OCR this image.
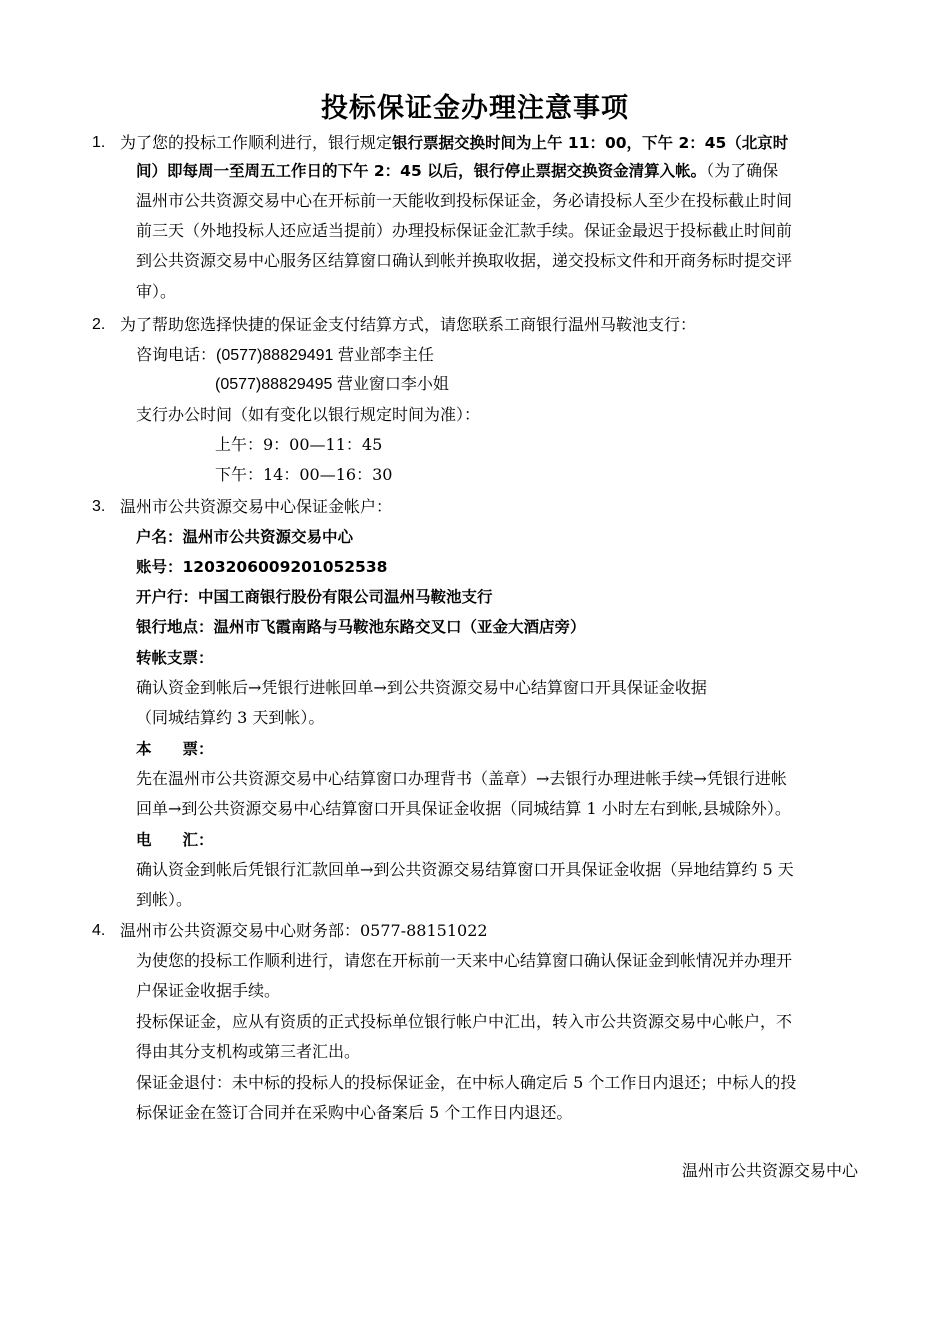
投标保证金办理注意事项
1. 为了您的投标工作顺利进行，银行规定银行票据交换时间为上午 11：00，下午 2：45（北京时
间）即每周一至周五工作日的下午 2：45 以后，银行停止票据交换资金清算入帐。（为了确保
温州市公共资源交易中心在开标前一天能收到投标保证金，务必请投标人至少在投标截止时间
前三天（外地投标人还应适当提前）办理投标保证金汇款手续。保证金最迟于投标截止时间前
到公共资源交易中心服务区结算窗口确认到帐并换取收据，递交投标文件和开商务标时提交评
审）。
2. 为了帮助您选择快捷的保证金支付结算方式，请您联系工商银行温州马鞍池支行：
咨询电话：(0577)88829491 营业部李主任
(0577)88829495 营业窗口李小姐
支行办公时间（如有变化以银行规定时间为准）：
上午：9：00—11：45
下午：14：00—16：30
3. 温州市公共资源交易中心保证金帐户：
户名：温州市公共资源交易中心
账号：1203206009201052538
开户行：中国工商银行股份有限公司温州马鞍池支行
银行地点：温州市飞霞南路与马鞍池东路交叉口（亚金大酒店旁）
转帐支票：
确认资金到帐后→凭银行进帐回单→到公共资源交易中心结算窗口开具保证金收据
（同城结算约 3 天到帐）。
本　　票：
先在温州市公共资源交易中心结算窗口办理背书（盖章）→去银行办理进帐手续→凭银行进帐
回单→到公共资源交易中心结算窗口开具保证金收据（同城结算 1 小时左右到帐,县城除外）。
电　　汇：
确认资金到帐后凭银行汇款回单→到公共资源交易结算窗口开具保证金收据（异地结算约 5 天
到帐）。
4. 温州市公共资源交易中心财务部：0577-88151022
为使您的投标工作顺利进行，请您在开标前一天来中心结算窗口确认保证金到帐情况并办理开
户保证金收据手续。
投标保证金，应从有资质的正式投标单位银行帐户中汇出，转入市公共资源交易中心帐户，不
得由其分支机构或第三者汇出。
保证金退付：未中标的投标人的投标保证金，在中标人确定后 5 个工作日内退还；中标人的投
标保证金在签订合同并在采购中心备案后 5 个工作日内退还。
温州市公共资源交易中心
